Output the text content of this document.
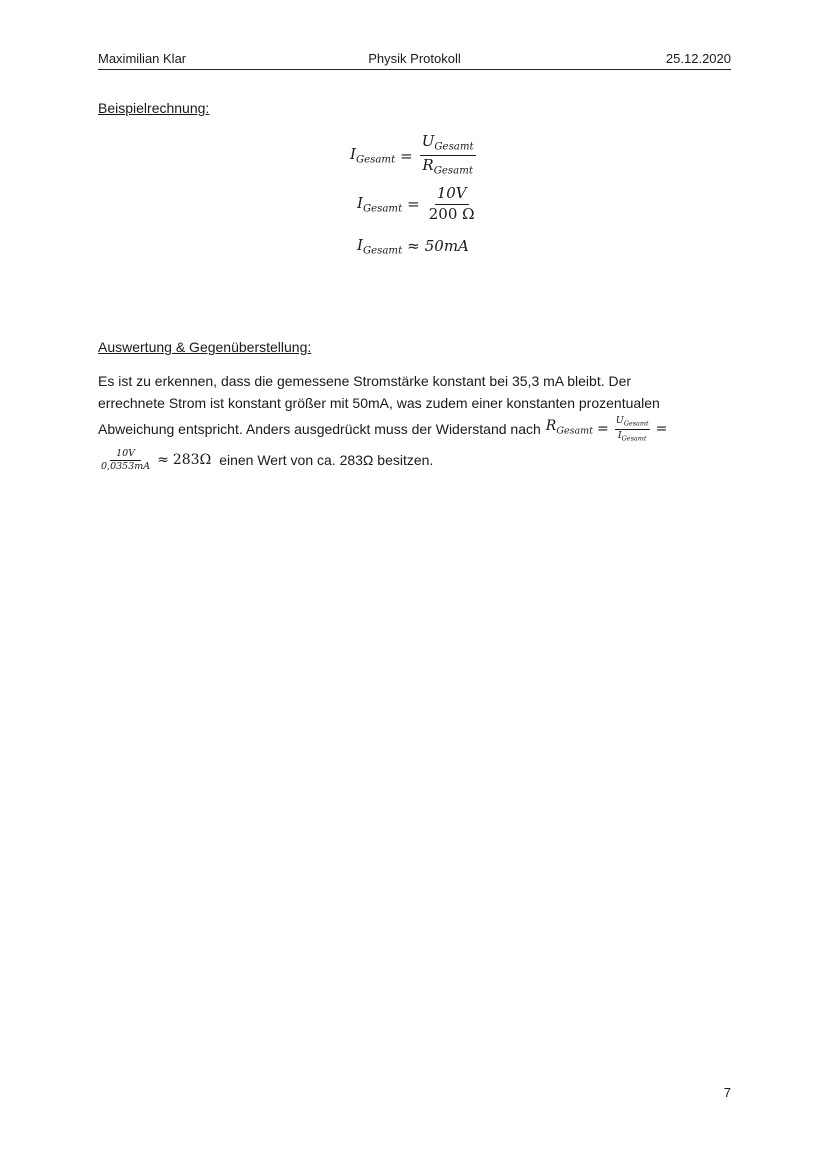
Maximilian Klar	Physik Protokoll	25.12.2020
Beispielrechnung:
$I_{Gesamt} = \frac{U_{Gesamt}}{R_{Gesamt}}$
$I_{Gesamt} = \frac{10V}{200 \Omega}$
$I_{Gesamt} \approx 50mA$
Auswertung & Gegenüberstellung:
Es ist zu erkennen, dass die gemessene Stromstärke konstant bei 35,3 mA bleibt. Der
errechnete Strom ist konstant größer mit 50mA, was zudem einer konstanten prozentualen
Abweichung entspricht. Anders ausgedrückt muss der Widerstand nach $R_{Gesamt} = \frac{U_{Gesamt}}{I_{Gesamt}}$ =
$\frac{10V}{0,0353mA} \approx 283\Omega$ einen Wert von ca. 283Ω besitzen.
7
